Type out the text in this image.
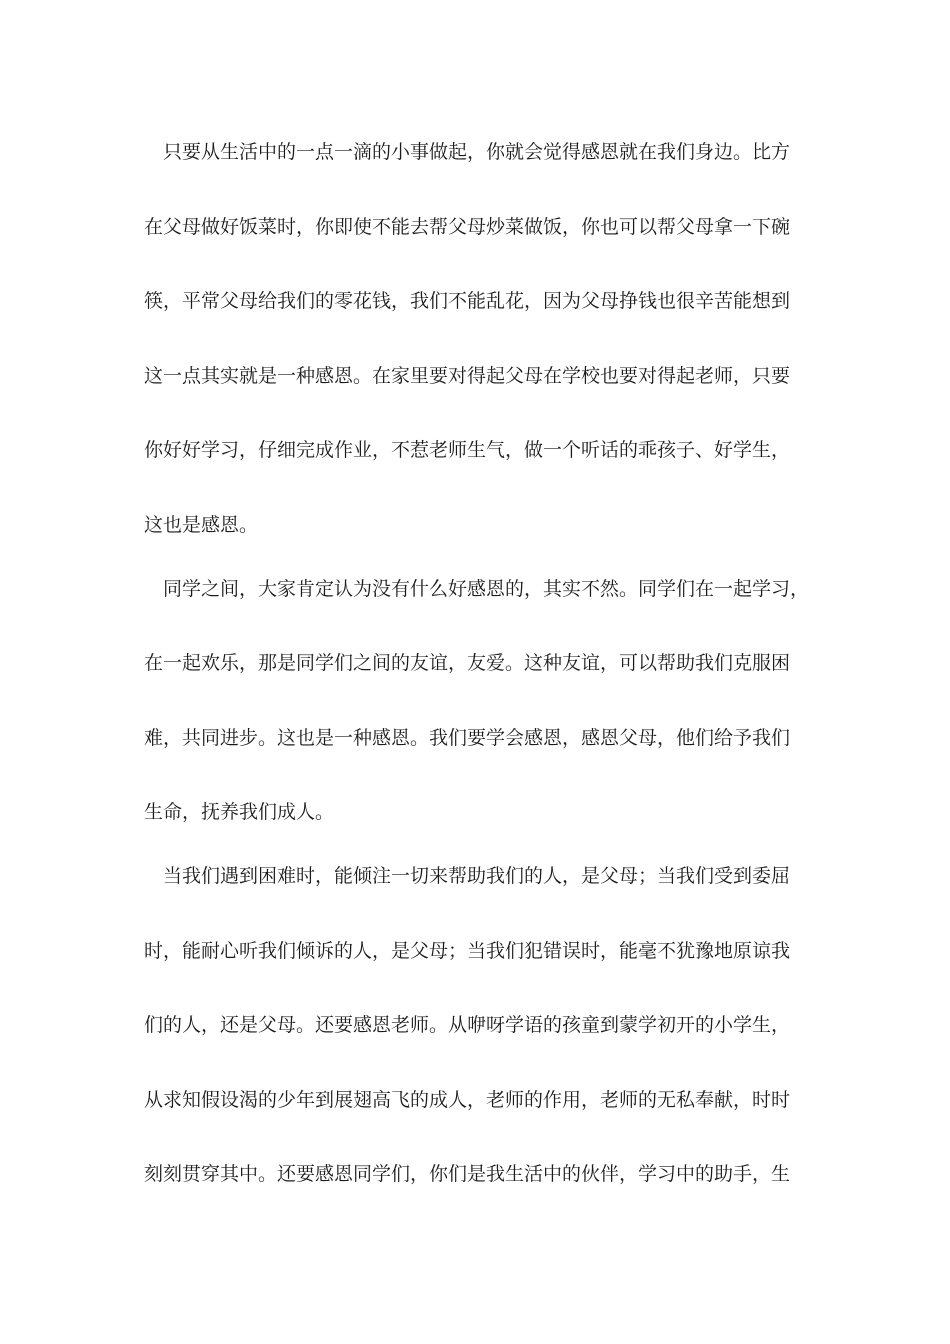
只要从生活中的一点一滴的小事做起，你就会觉得感恩就在我们身边。比方
在父母做好饭菜时，你即使不能去帮父母炒菜做饭，你也可以帮父母拿一下碗
筷，平常父母给我们的零花钱，我们不能乱花，因为父母挣钱也很辛苦能想到
这一点其实就是一种感恩。在家里要对得起父母在学校也要对得起老师，只要
你好好学习，仔细完成作业，不惹老师生气，做一个听话的乖孩子、好学生，
这也是感恩。
同学之间，大家肯定认为没有什么好感恩的，其实不然。同学们在一起学习，
在一起欢乐，那是同学们之间的友谊，友爱。这种友谊，可以帮助我们克服困
难，共同进步。这也是一种感恩。我们要学会感恩，感恩父母，他们给予我们
生命，抚养我们成人。
当我们遇到困难时，能倾注一切来帮助我们的人，是父母；当我们受到委屈
时，能耐心听我们倾诉的人，是父母；当我们犯错误时，能毫不犹豫地原谅我
们的人，还是父母。还要感恩老师。从咿呀学语的孩童到蒙学初开的小学生，
从求知假设渴的少年到展翅高飞的成人，老师的作用，老师的无私奉献，时时
刻刻贯穿其中。还要感恩同学们，你们是我生活中的伙伴，学习中的助手，生
